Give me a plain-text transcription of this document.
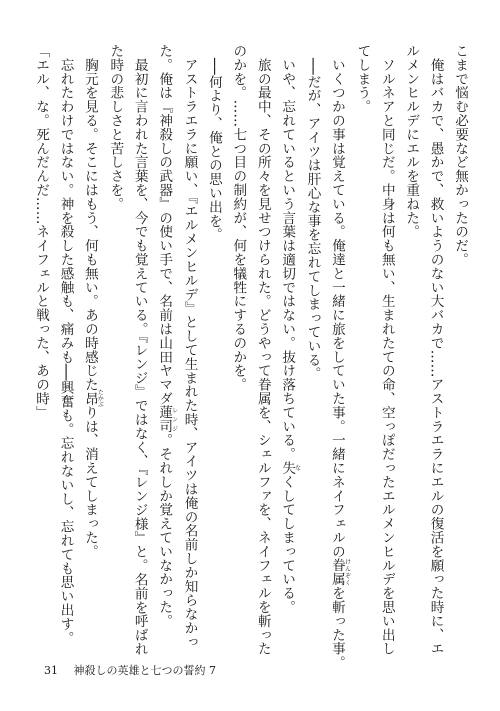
こまで悩む必要など無かったのだ。
　俺はバカで、愚かで、救いようのない大バカで……アストラエラにエルの復活を願った時に、エ
ルメンヒルデにエルを重ねた。
　ソルネアと同じだ。中身は何も無い、生まれたての命、空っぽだったエルメンヒルデを思い出し
てしまう。
　いくつかの事は覚えている。俺達と一緒に旅をしていた事。一緒にネイフェルの眷属けんぞくを斬った事。
　──だが、アイツは肝心な事を忘れてしまっている。
　いや、忘れているという言葉は適切ではない。抜け落ちている。失なくしてしまっている。
　旅の最中、その所々を見せつけられた。どうやって眷属を、シェルファを、ネイフェルを斬った
のかを。……七つ目の制約が、何を犠牲にするのかを。
　──何より、俺との思い出を。
　アストラエラに願い、『エルメンヒルデ』として生まれた時、アイツは俺の名前しか知らなかっ
た。俺は『神殺しの武器』の使い手で、名前は山田ヤマダ蓮司レンジ。それしか覚えていなかった。
　最初に言われた言葉を、今でも覚えている。『レンジ』ではなく、『レンジ様』と。名前を呼ばれ
た時の悲しさと苦しさを。
　胸元を見る。そこにはもう、何も無い。あの時感じた昂たかぶりは、消えてしまった。
　忘れたわけではない。神を殺した感触も、痛みも──興奮も。忘れないし、忘れても思い出す。
「エル、な。死んだんだ……ネイフェルと戦った、あの時」
31 神殺しの英雄と七つの誓約 7
